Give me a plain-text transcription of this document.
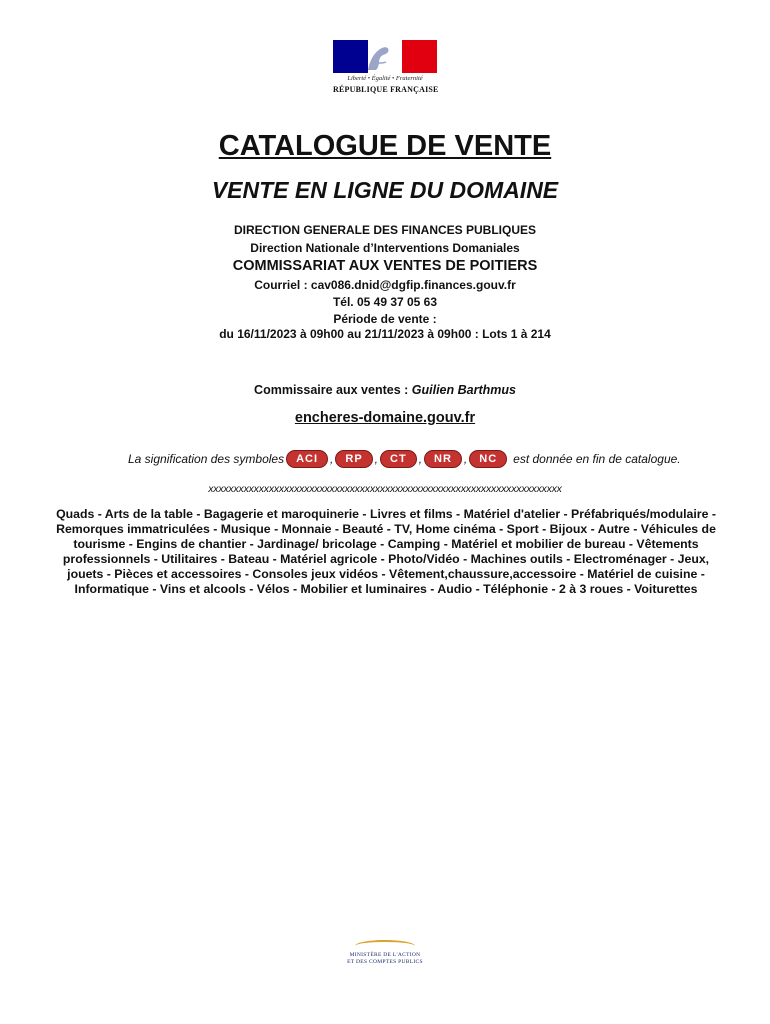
Liberté • Égalité • Fraternité
RÉPUBLIQUE FRANÇAISE
CATALOGUE DE VENTE
VENTE EN LIGNE DU DOMAINE
DIRECTION GENERALE DES FINANCES PUBLIQUES
Direction Nationale d’Interventions Domaniales
COMMISSARIAT AUX VENTES DE POITIERS
Courriel : cav086.dnid@dgfip.finances.gouv.fr
Tél. 05 49 37 05 63
Période de vente :
du 16/11/2023 à 09h00 au 21/11/2023 à 09h00 : Lots 1 à 214
Commissaire aux ventes : Guilien Barthmus
encheres-domaine.gouv.fr
La signification des symboles	ACI	,	RP	,	CT	,	NR	,	NC	est donnée en fin de catalogue.
xxxxxxxxxxxxxxxxxxxxxxxxxxxxxxxxxxxxxxxxxxxxxxxxxxxxxxxxxxxxxxxxxxxxxx
Quads - Arts de la table - Bagagerie et maroquinerie - Livres et films - Matériel d'atelier - Préfabriqués/modulaire - Remorques immatriculées - Musique - Monnaie - Beauté - TV, Home cinéma - Sport - Bijoux - Autre - Véhicules de tourisme - Engins de chantier - Jardinage/ bricolage - Camping - Matériel et mobilier de bureau - Vêtements professionnels - Utilitaires - Bateau - Matériel agricole - Photo/Vidéo - Machines outils - Electroménager - Jeux, jouets - Pièces et accessoires - Consoles jeux vidéos - Vêtement,chaussure,accessoire - Matériel de cuisine - Informatique - Vins et alcools - Vélos - Mobilier et luminaires - Audio - Téléphonie - 2 à 3 roues - Voiturettes
MINISTÈRE DE L'ACTION
ET DES COMPTES PUBLICS
